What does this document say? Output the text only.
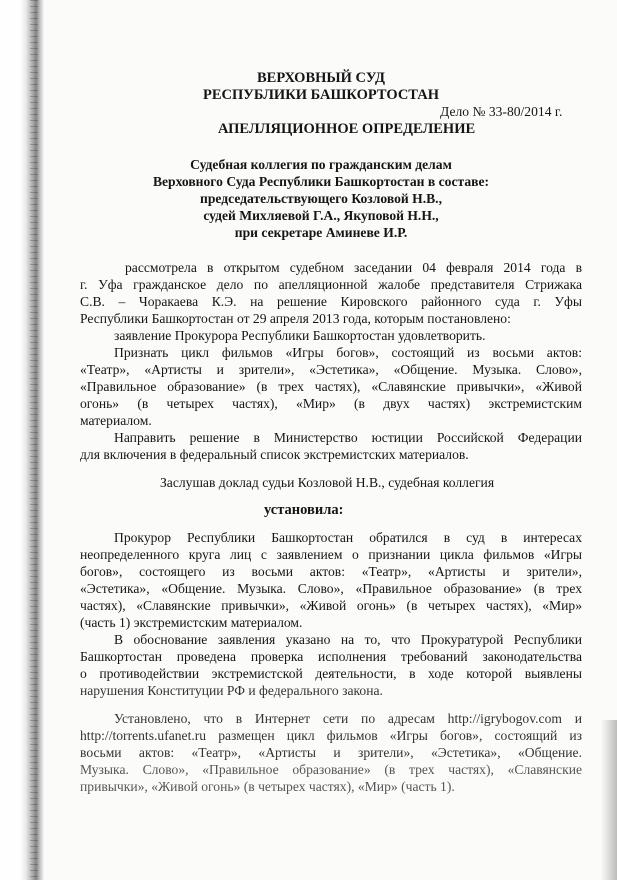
ВЕРХОВНЫЙ СУД
РЕСПУБЛИКИ БАШКОРТОСТАН
Дело № 33-80/2014 г.
АПЕЛЛЯЦИОННОЕ ОПРЕДЕЛЕНИЕ
Судебная коллегия по гражданским делам
Верховного Суда Республики Башкортостан в составе:
председательствующего Козловой Н.В.,
судей Михляевой Г.А., Якуповой Н.Н.,
при секретаре Аминеве И.Р.
рассмотрела в открытом судебном заседании 04 февраля 2014 года в
г. Уфа гражданское дело по апелляционной жалобе представителя Стрижака
С.В. – Чоракаева К.Э. на решение Кировского районного суда г. Уфы
Республики Башкортостан от 29 апреля 2013 года, которым постановлено:
заявление Прокурора Республики Башкортостан удовлетворить.
Признать цикл фильмов «Игры богов», состоящий из восьми актов:
«Театр», «Артисты и зрители», «Эстетика», «Общение. Музыка. Слово»,
«Правильное образование» (в трех частях), «Славянские привычки», «Живой
огонь» (в четырех частях), «Мир» (в двух частях) экстремистским
материалом.
Направить решение в Министерство юстиции Российской Федерации
для включения в федеральный список экстремистских материалов.
Заслушав доклад судьи Козловой Н.В., судебная коллегия
установила:
Прокурор Республики Башкортостан обратился в суд в интересах
неопределенного круга лиц с заявлением о признании цикла фильмов «Игры
богов», состоящего из восьми актов: «Театр», «Артисты и зрители»,
«Эстетика», «Общение. Музыка. Слово», «Правильное образование» (в трех
частях), «Славянские привычки», «Живой огонь» (в четырех частях), «Мир»
(часть 1) экстремистским материалом.
В обоснование заявления указано на то, что Прокуратурой Республики
Башкортостан проведена проверка исполнения требований законодательства
о противодействии экстремистской деятельности, в ходе которой выявлены
нарушения Конституции РФ и федерального закона.
Установлено, что в Интернет сети по адресам http://igrybogov.com и
http://torrents.ufanet.ru размещен цикл фильмов «Игры богов», состоящий из
восьми актов: «Театр», «Артисты и зрители», «Эстетика», «Общение.
Музыка. Слово», «Правильное образование» (в трех частях), «Славянские
привычки», «Живой огонь» (в четырех частях), «Мир» (часть 1).
